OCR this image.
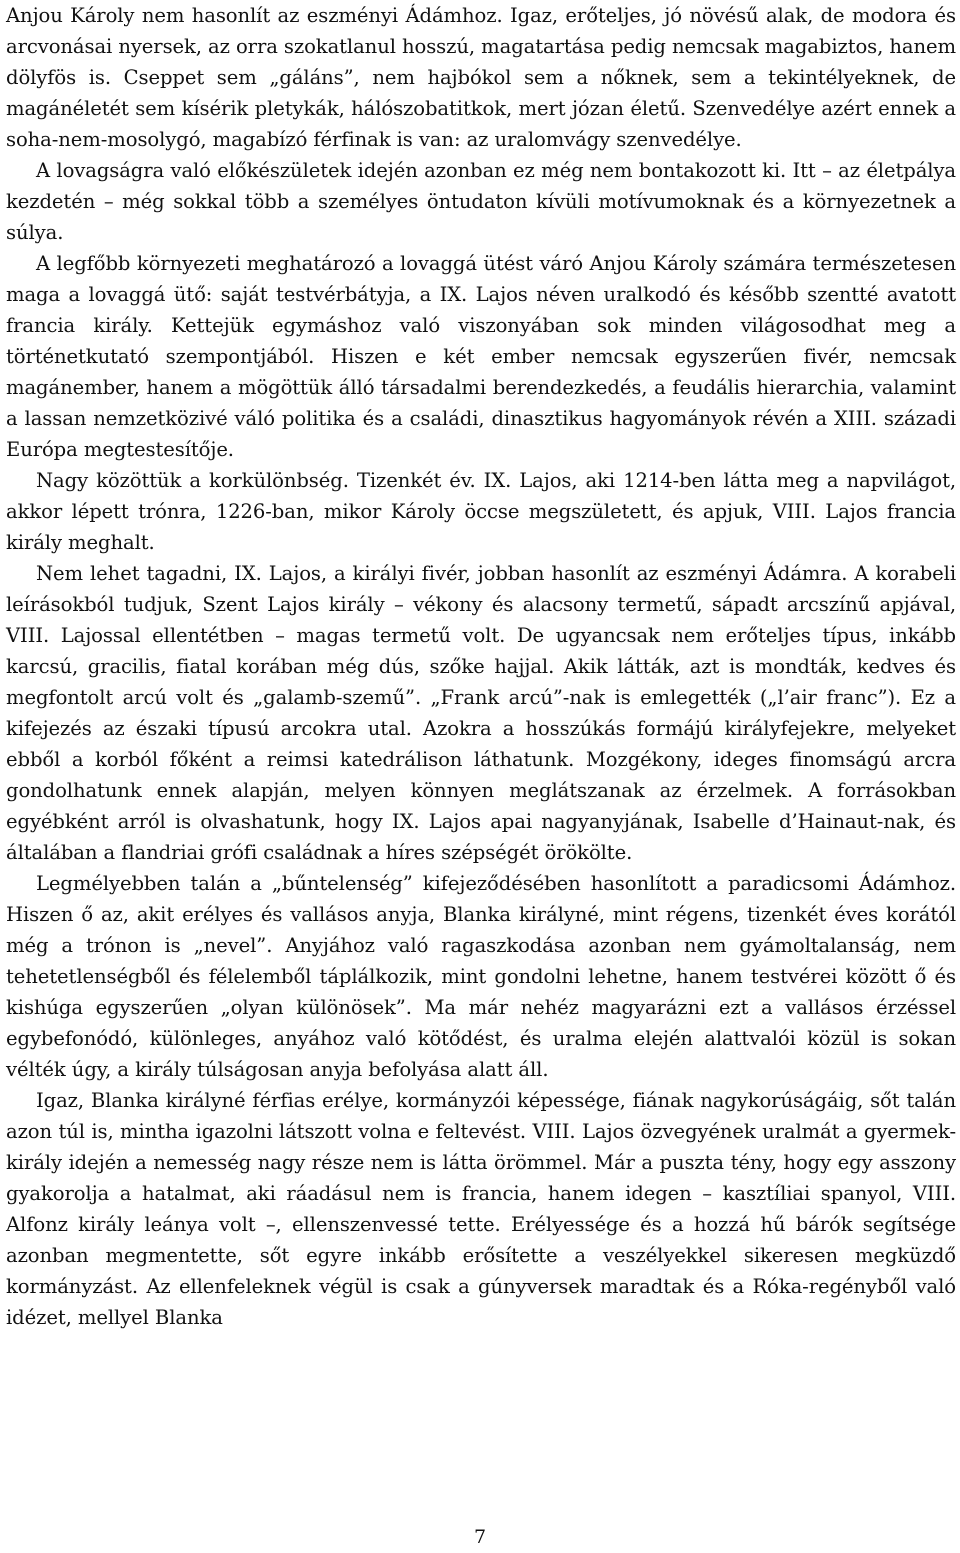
Anjou Károly nem hasonlít az eszményi Ádámhoz. Igaz, erőteljes, jó növésű alak, de modora és arcvonásai nyersek, az orra szokatlanul hosszú, magatartása pedig nemcsak magabiztos, hanem dölyfös is. Cseppet sem „gáláns”, nem hajbókol sem a nőknek, sem a tekintélyeknek, de magánéletét sem kísérik pletykák, hálószobatitkok, mert józan életű. Szenvedélye azért ennek a soha-nem-mosolygó, magabízó férfinak is van: az uralomvágy szenvedélye.

A lovagságra való előkészületek idején azonban ez még nem bontakozott ki. Itt – az életpálya kezdetén – még sokkal több a személyes öntudaton kívüli motívumoknak és a környezetnek a súlya.

A legfőbb környezeti meghatározó a lovaggá ütést váró Anjou Károly számára természetesen maga a lovaggá ütő: saját testvérbátyja, a IX. Lajos néven uralkodó és később szentté avatott francia király. Kettejük egymáshoz való viszonyában sok minden világosodhat meg a történetkutató szempontjából. Hiszen e két ember nemcsak egyszerűen fivér, nemcsak magánember, hanem a mögöttük álló társadalmi berendezkedés, a feudális hierarchia, valamint a lassan nemzetközivé váló politika és a családi, dinasztikus hagyományok révén a XIII. századi Európa megtestesítője.

Nagy közöttük a korkülönbség. Tizenkét év. IX. Lajos, aki 1214-ben látta meg a napvilágot, akkor lépett trónra, 1226-ban, mikor Károly öccse megszületett, és apjuk, VIII. Lajos francia király meghalt.

Nem lehet tagadni, IX. Lajos, a királyi fivér, jobban hasonlít az eszményi Ádámra. A korabeli leírásokból tudjuk, Szent Lajos király – vékony és alacsony termetű, sápadt arcszínű apjával, VIII. Lajossal ellentétben – magas termetű volt. De ugyancsak nem erőteljes típus, inkább karcsú, gracilis, fiatal korában még dús, szőke hajjal. Akik látták, azt is mondták, kedves és megfontolt arcú volt és „galamb-szemű”. „Frank arcú”-nak is emlegették („l’air franc”). Ez a kifejezés az északi típusú arcokra utal. Azokra a hosszúkás formájú királyfejekre, melyeket ebből a korból főként a reimsi katedrálison láthatunk. Mozgékony, ideges finomságú arcra gondolhatunk ennek alapján, melyen könnyen meglátszanak az érzelmek. A forrásokban egyébként arról is olvashatunk, hogy IX. Lajos apai nagyanyjának, Isabelle d’Hainaut-nak, és általában a flandriai grófi családnak a híres szépségét örökölte.

Legmélyebben talán a „bűntelenség” kifejeződésében hasonlított a paradicsomi Ádámhoz. Hiszen ő az, akit erélyes és vallásos anyja, Blanka királyné, mint régens, tizenkét éves korától még a trónon is „nevel”. Anyjához való ragaszkodása azonban nem gyámoltalanság, nem tehetetlenségből és félelemből táplálkozik, mint gondolni lehetne, hanem testvérei között ő és kishúga egyszerűen „olyan különösek”. Ma már nehéz magyarázni ezt a vallásos érzéssel egybefonódó, különleges, anyához való kötődést, és uralma elején alattvalói közül is sokan vélték úgy, a király túlságosan anyja befolyása alatt áll.

Igaz, Blanka királyné férfias erélye, kormányzói képessége, fiának nagykorúságáig, sőt talán azon túl is, mintha igazolni látszott volna e feltevést. VIII. Lajos özvegyének uralmát a gyermek-király idején a nemesség nagy része nem is látta örömmel. Már a puszta tény, hogy egy asszony gyakorolja a hatalmat, aki ráadásul nem is francia, hanem idegen – kasztíliai spanyol, VIII. Alfonz király leánya volt –, ellenszenvessé tette. Erélyessége és a hozzá hű bárók segítsége azonban megmentette, sőt egyre inkább erősítette a veszélyekkel sikeresen megküzdő kormányzást. Az ellenfeleknek végül is csak a gúnyversek maradtak és a Róka-regényből való idézet, mellyel Blanka

7
